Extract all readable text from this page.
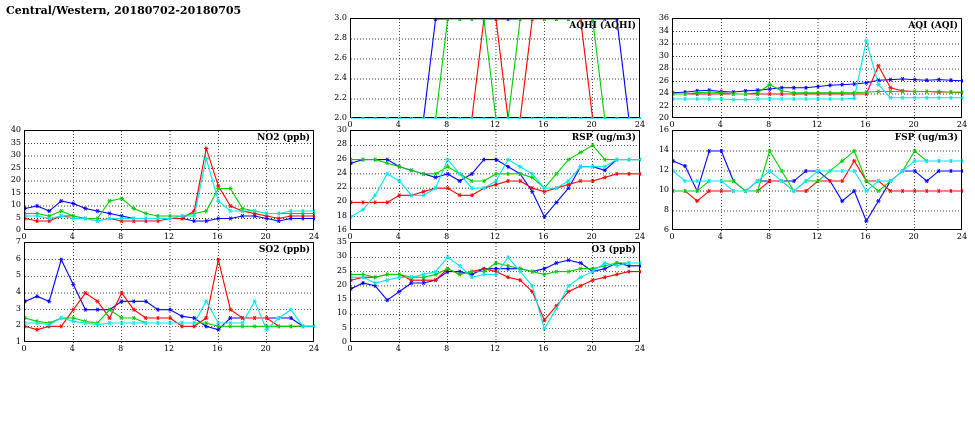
Central/Western, 20180702-20180705
AQHI (AQHI)
2.0
2.2
2.4
2.6
2.8
3.0
0	4	8	12	16	20	24
AQI (AQI)
20
22
24
26
28
30
32
34
36
0	4	8	12	16	20	24
NO2 (ppb)
0
5
10
15
20
25
30
35
40
0	4	8	12	16	20	24
RSP (ug/m3)
16
18
20
22
24
26
28
30
0	4	8	12	16	20	24
FSP (ug/m3)
6
8
10
12
14
16
0	4	8	12	16	20	24
SO2 (ppb)
1
2
3
4
5
6
7
0	4	8	12	16	20	24
O3 (ppb)
0
5
10
15
20
25
30
35
0	4	8	12	16	20	24
